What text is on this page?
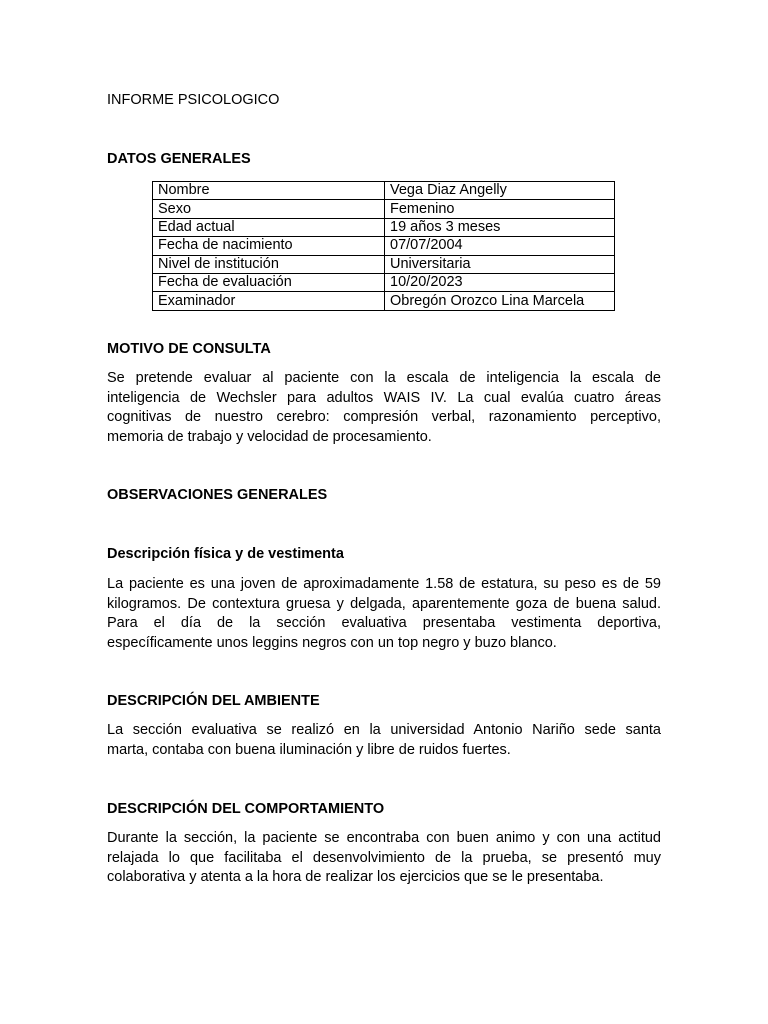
INFORME PSICOLOGICO
DATOS GENERALES
Nombre	Vega Diaz Angelly
Sexo	Femenino
Edad actual	19 años 3 meses
Fecha de nacimiento	07/07/2004
Nivel de institución	Universitaria
Fecha de evaluación	10/20/2023
Examinador	Obregón Orozco Lina Marcela
MOTIVO DE CONSULTA

Se pretende evaluar al paciente con la escala de inteligencia la escala de
inteligencia de Wechsler para adultos WAIS IV. La cual evalúa cuatro áreas
cognitivas de nuestro cerebro: compresión verbal, razonamiento perceptivo,
memoria de trabajo y velocidad de procesamiento.

OBSERVACIONES GENERALES
Descripción física y de vestimenta

La paciente es una joven de aproximadamente 1.58 de estatura, su peso es de 59
kilogramos. De contextura gruesa y delgada, aparentemente goza de buena salud.
Para el día de la sección evaluativa presentaba vestimenta deportiva,
específicamente unos leggins negros con un top negro y buzo blanco.

DESCRIPCIÓN DEL AMBIENTE

La sección evaluativa se realizó en la universidad Antonio Nariño sede santa
marta, contaba con buena iluminación y libre de ruidos fuertes.

DESCRIPCIÓN DEL COMPORTAMIENTO

Durante la sección, la paciente se encontraba con buen animo y con una actitud
relajada lo que facilitaba el desenvolvimiento de la prueba, se presentó muy
colaborativa y atenta a la hora de realizar los ejercicios que se le presentaba.
